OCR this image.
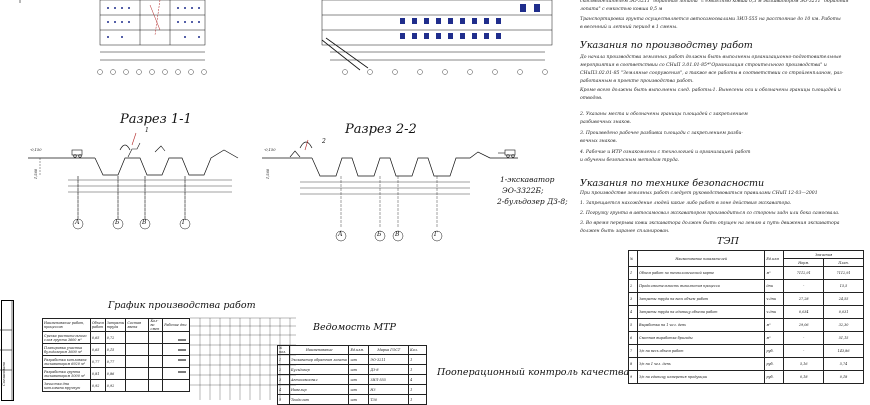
Согласовано
Разрез 1-1
1
-0,150
1,560
А	Б	В	Г
Разрез 2-2
2
-0,150
1,560
А	Б В	Г
1-экскаватор
ЭО-3322Б;
2-бульдозер ДЗ-8;
скосовыделителем ЭО-3211 "обратная лопата" с емкостью ковша 0,5 м экскаватором ЭО-3211 "обратная
лопата" с емкостью ковша 0,5 м
Транспортировка грунта осуществляется автосамосвалами ЗИЛ-555 на расстояние до 10 км. Работы
в весенний и летний период в 1 смены.
Указания по производству работ
До начала производства земляных работ должны быть выполнены организационно-подготовительные
мероприятия в соответствии со СНиП 3.01.01-85*"Организация строительного производства" и
СНиП3.02.01-85 "Земляные сооружения", а также все работы в соответствии со стройгенпланом, раз-
работанным в проекте производства работ.
Кроме всего должны быть выполнены след. работы:1. Вынесены оси и обозначены границы площадей и
отводов.
2. Указаны места и обозначены границы площадей с закреплением
разбивочных знаков.
3. Произведено рабочее разбивка площади с закреплением разби-
вочных знаков.
4. Рабочие и ИТР ознакомлены с технологией и организацией работ
и обучены безопасным методам труда.
Указания по технике безопасности
При производстве земляных работ следует руководствоваться правилами СНиП 12-03—2001
1. Запрещается нахождение людей какие либо работ в зоне действия экскаватора.
2. Погрузку грунта в автосамосвал экскаватором производиться со стороны задн или бока самосвала.
3. Во время перерыва ковш экскаватора должен быть опущен на землю а путь движения экскаватора
должен быть заранее спланирован.
ТЭП
№	Наименование показателей	Ед.изм	Значения	
			Норм.	План.
1	Объем работ по технологической карте	м³	7112,91	7112,91
2	Продолжительность выполнения процесса	дни	-	15,5
3	Затраты труда на весь объем работ	ч.дни	27,28	24,55
4	Затраты труда на единицу объема работ	ч.дни	0,034	0,031
5	Выработка на 1 чел. день	м³	29,06	32,30
6	Сменная выработка бригады	м³	-	51,15
7	З/п на весь объем работ	руб.	-	143,86
8	З/п на 1 чел. день	руб.	5,16	5,74
9	З/п на единицу измерения продукции	руб.	0,18	0,18
График производства работ
Наименование работ, процессов	Объем работ	Затраты труда	Состав звена	Кол-во смен	Рабочие дни
Срезка растительного слоя грунта 3600 м²	0,65	0,72			
Планировка участка бульдозером 3600 м²	0,65	0,15			
Разработка котлована экскаватором 6920 м³	0,77	0,77			
Разработка грунта экскаватором 5000 м³	0,81	0,86			
Зачистка дна котлована вручную	0,92	0,92			
Ведомость МТР
№ поз.	Наименование	Ед.изм.	Марка ГОСТ	Кол.
1	Экскаватор обратная лопата	шт	ЭО-3211	1
2	Бульдозер	шт	ДЗ-8	1
3	Автосамосвал	шт	ЗИЛ-555	4
4	Нивелир	шт	НЗ	1
5	Теодолит	шт	Т30	1
Пооперационный контроль качества
